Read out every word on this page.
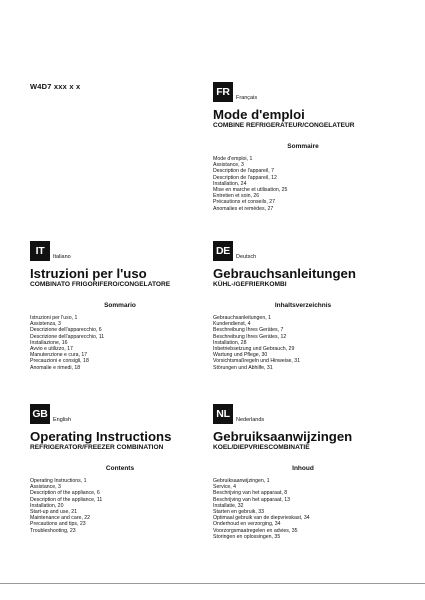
W4D7 xxx x x	FR	Français
Mode d'emploi
COMBINE REFRIGERATEUR/CONGELATEUR
Sommaire
Mode d'emploi, 1
Assistance, 3
Description de l'appareil, 7
Description de l'appareil, 12
Installation, 24
Mise en marche et utilisation, 25
Entretien et soin, 26
Précautions et conseils, 27
Anomalies et remèdes, 27
IT	Italiano
Istruzioni per l'uso
COMBINATO FRIGORIFERO/CONGELATORE
Sommario
Istruzioni per l'uso, 1
Assistenza, 3
Descrizione dell'apparecchio, 6
Descrizione dell'apparecchio, 11
Installazione, 16
Avvio e utilizzo, 17
Manutenzione e cura, 17
Precauzioni e consigli, 18
Anomalie e rimedi, 18
DE	Deutsch
Gebrauchsanleitungen
KÜHL-/GEFRIERKOMBI
Inhaltsverzeichnis
Gebrauchsanleitungen, 1
Kundendienst, 4
Beschreibung Ihres Gerätes, 7
Beschreibung Ihres Gerätes, 12
Installation, 28
Inbetriebsetzung und Gebrauch, 29
Wartung und Pflege, 30
Vorsichtsmaßregeln und Hinweise, 31
Störungen und Abhilfe, 31
GB English
Operating Instructions
REFRIGERATOR/FREEZER COMBINATION
Contents
Operating Instructions, 1
Assistance, 3
Description of the appliance, 6
Description of the appliance, 11
Installation, 20
Start-up and use, 21
Maintenance and care, 22
Precautions and tips, 23
Troubleshooting, 23
NL	Nederlands
Gebruiksaanwijzingen
KOEL/DIEPVRIESCOMBINATIE
Inhoud
Gebruiksaanwijzingen, 1
Service, 4
Beschrijving van het apparaat, 8
Beschrijving van het apparaat, 13
Installatie, 32
Starten en gebruik, 33
Optimaal gebruik van de diepvrieskast, 34
Onderhoud en verzorging, 34
Voorzorgsmaatregelen en advies, 35
Storingen en oplossingen, 35
